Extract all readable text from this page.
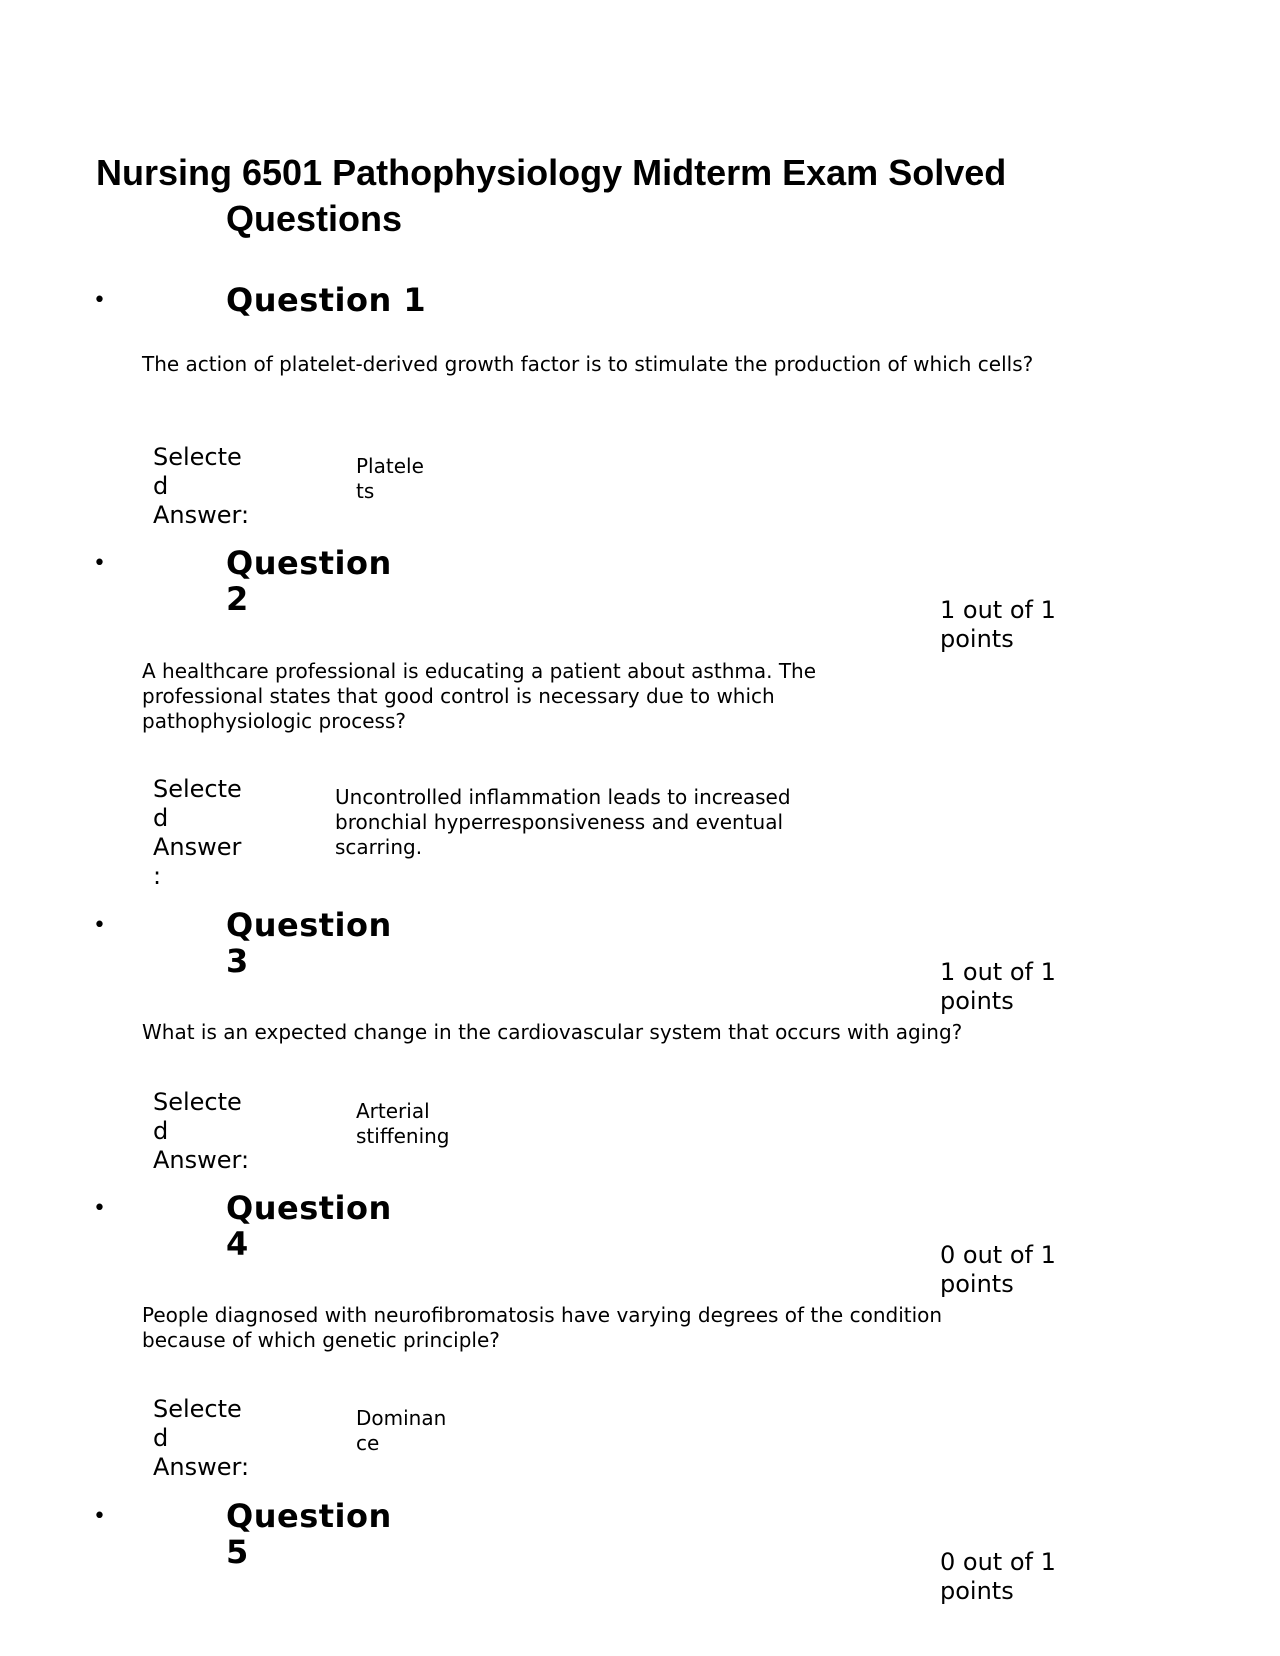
Nursing 6501 Pathophysiology Midterm Exam Solved
Questions
•	Question 1

The action of platelet-derived growth factor is to stimulate the production of which cells?

Selecte
d
Answer:
Platele
ts
•	Question
2	1 out of 1
points

A healthcare professional is educating a patient about asthma. The professional states that good control is necessary due to which pathophysiologic process?

Selecte
d
Answer
:
Uncontrolled inflammation leads to increased bronchial hyperresponsiveness and eventual scarring.
•	Question
3	1 out of 1
points

What is an expected change in the cardiovascular system that occurs with aging?

Selecte
d
Answer:
Arterial
stiffening
•	Question
4	0 out of 1
points

People diagnosed with neurofibromatosis have varying degrees of the condition because of which genetic principle?

Selecte
d
Answer:
Dominan
ce
•	Question
5	0 out of 1
points
